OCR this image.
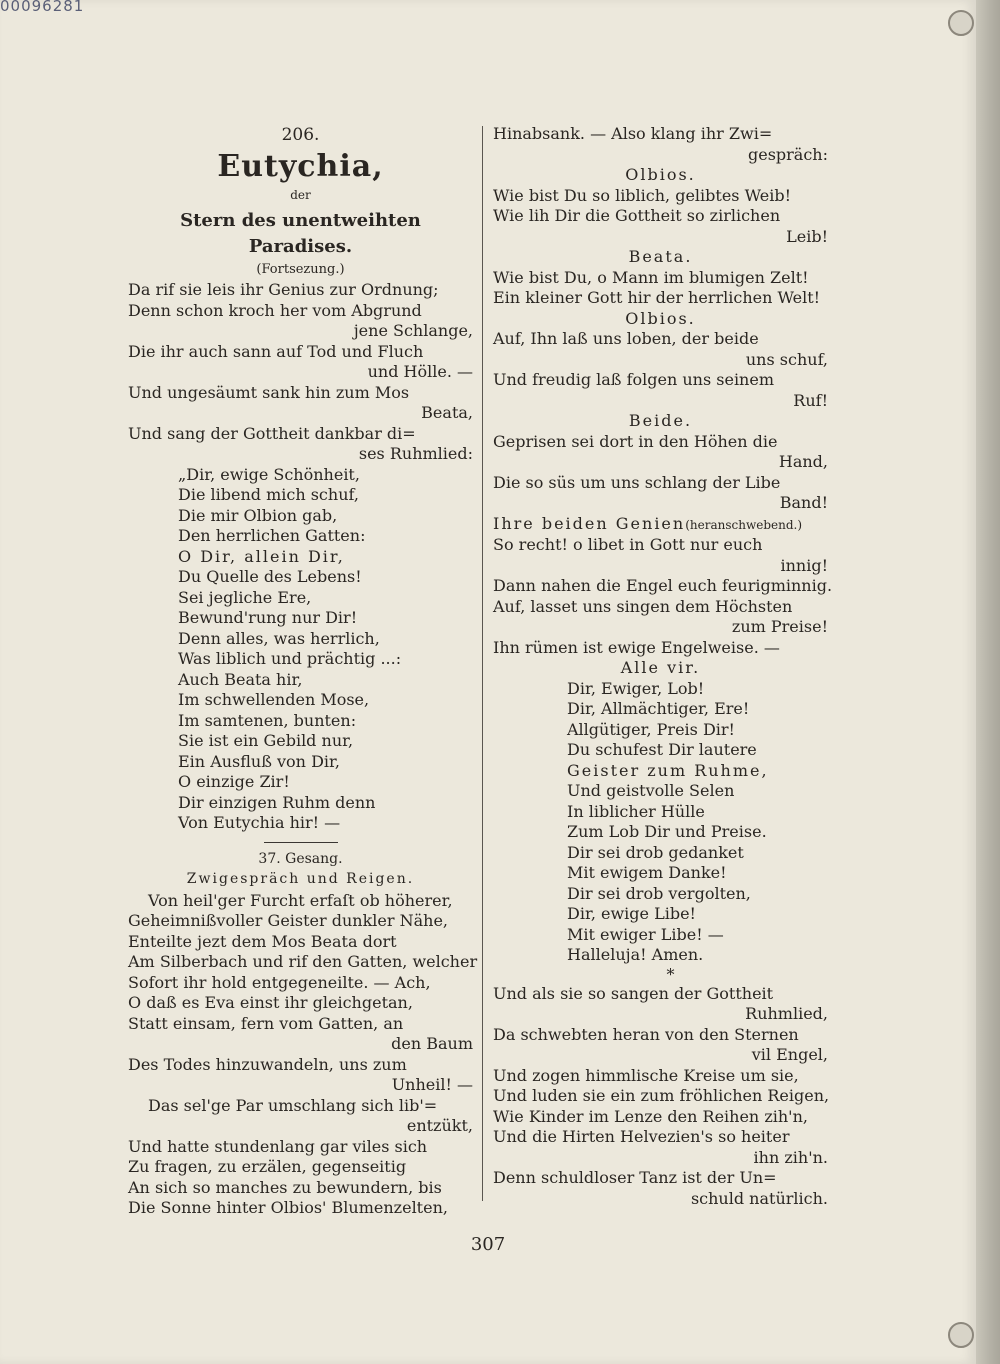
00096281
206.
Eutychia,
der
Stern des unentweihten Paradises.
(Fortsezung.)
Da rif sie leis ihr Genius zur Ordnung;
Denn schon kroch her vom Abgrund
jene Schlange,
Die ihr auch sann auf Tod und Fluch
und Hölle. —
Und ungesäumt sank hin zum Mos
Beata,
Und sang der Gottheit dankbar di=
ses Ruhmlied:
„Dir, ewige Schönheit,
Die libend mich schuf,
Die mir Olbion gab,
Den herrlichen Gatten:
O Dir, allein Dir,
Du Quelle des Lebens!
Sei jegliche Ere,
Bewund'rung nur Dir!
Denn alles, was herrlich,
Was liblich und prächtig ...:
Auch Beata hir,
Im schwellenden Mose,
Im samtenen, bunten:
Sie ist ein Gebild nur,
Ein Ausfluß von Dir,
O einzige Zir!
Dir einzigen Ruhm denn
Von Eutychia hir! —
37. Gesang.
Zwigespräch und Reigen.
Von heil'ger Furcht erfaſt ob höherer,
Geheimnißvoller Geister dunkler Nähe,
Enteilte jezt dem Mos Beata dort
Am Silberbach und rif den Gatten, welcher
Sofort ihr hold entgegeneilte. — Ach,
O daß es Eva einst ihr gleichgetan,
Statt einsam, fern vom Gatten, an
den Baum
Des Todes hinzuwandeln, uns zum
Unheil! —
Das sel'ge Par umschlang sich lib'=
entzükt,
Und hatte stundenlang gar viles sich
Zu fragen, zu erzälen, gegenseitig
An sich so manches zu bewundern, bis
Die Sonne hinter Olbios' Blumenzelten,
Hinabsank. — Also klang ihr Zwi=
gespräch:
Olbios.
Wie bist Du so liblich, gelibtes Weib!
Wie lih Dir die Gottheit so zirlichen
Leib!
Beata.
Wie bist Du, o Mann im blumigen Zelt!
Ein kleiner Gott hir der herrlichen Welt!
Olbios.
Auf, Ihn laß uns loben, der beide
uns schuf,
Und freudig laß folgen uns seinem
Ruf!
Beide.
Geprisen sei dort in den Höhen die
Hand,
Die so süs um uns schlang der Libe
Band!
Ihre beiden Genien(heranschwebend.)
So recht! o libet in Gott nur euch
innig!
Dann nahen die Engel euch feurigminnig.
Auf, lasset uns singen dem Höchsten
zum Preise!
Ihn rümen ist ewige Engelweise. —
Alle vir.
Dir, Ewiger, Lob!
Dir, Allmächtiger, Ere!
Allgütiger, Preis Dir!
Du schufest Dir lautere
Geister zum Ruhme,
Und geistvolle Selen
In liblicher Hülle
Zum Lob Dir und Preise.
Dir sei drob gedanket
Mit ewigem Danke!
Dir sei drob vergolten,
Dir, ewige Libe!
Mit ewiger Libe! —
Halleluja! Amen.
*
Und als sie so sangen der Gottheit
Ruhmlied,
Da schwebten heran von den Sternen
vil Engel,
Und zogen himmlische Kreise um sie,
Und luden sie ein zum fröhlichen Reigen,
Wie Kinder im Lenze den Reihen zih'n,
Und die Hirten Helvezien's so heiter
ihn zih'n.
Denn schuldloser Tanz ist der Un=
schuld natürlich.
307
